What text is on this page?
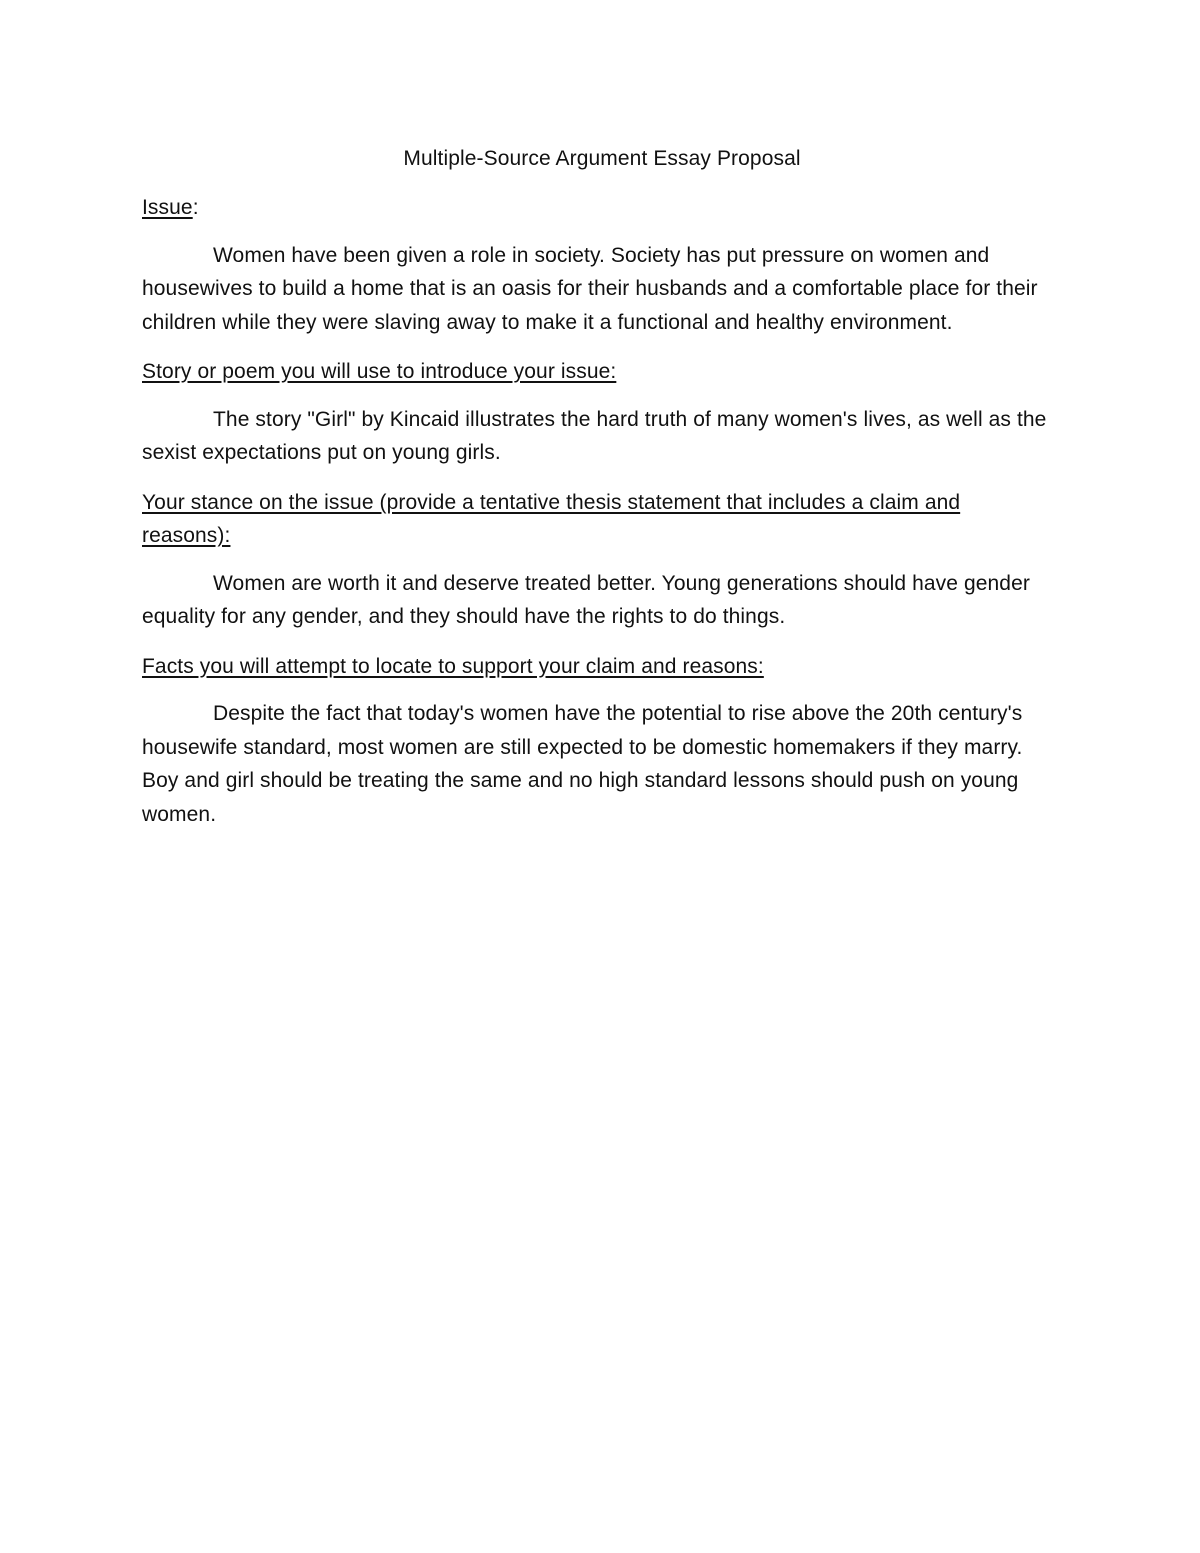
Multiple-Source Argument Essay Proposal

Issue:

Women have been given a role in society. Society has put pressure on women and housewives to build a home that is an oasis for their husbands and a comfortable place for their children while they were slaving away to make it a functional and healthy environment.

Story or poem you will use to introduce your issue:

The story "Girl" by Kincaid illustrates the hard truth of many women's lives, as well as the sexist expectations put on young girls.

Your stance on the issue (provide a tentative thesis statement that includes a claim and reasons):

Women are worth it and deserve treated better. Young generations should have gender equality for any gender, and they should have the rights to do things.

Facts you will attempt to locate to support your claim and reasons:

Despite the fact that today's women have the potential to rise above the 20th century's housewife standard, most women are still expected to be domestic homemakers if they marry. Boy and girl should be treating the same and no high standard lessons should push on young women.
